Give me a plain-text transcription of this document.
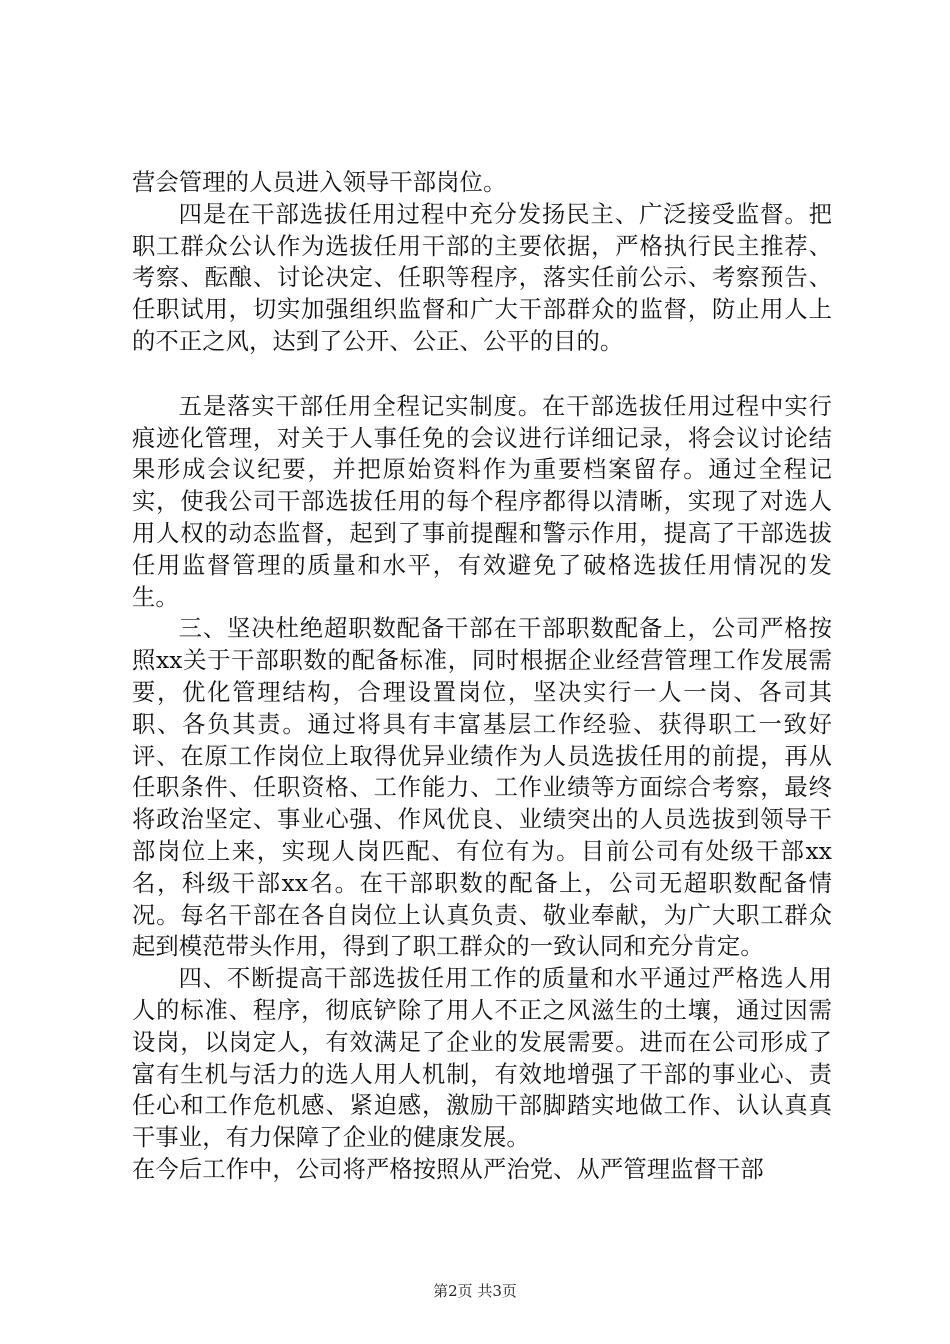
营会管理的人员进入领导干部岗位。

四是在干部选拔任用过程中充分发扬民主、广泛接受监督。把职工群众公认作为选拔任用干部的主要依据，严格执行民主推荐、考察、酝酿、讨论决定、任职等程序，落实任前公示、考察预告、任职试用，切实加强组织监督和广大干部群众的监督，防止用人上的不正之风，达到了公开、公正、公平的目的。

五是落实干部任用全程记实制度。在干部选拔任用过程中实行痕迹化管理，对关于人事任免的会议进行详细记录，将会议讨论结果形成会议纪要，并把原始资料作为重要档案留存。通过全程记实，使我公司干部选拔任用的每个程序都得以清晰，实现了对选人用人权的动态监督，起到了事前提醒和警示作用，提高了干部选拔任用监督管理的质量和水平，有效避免了破格选拔任用情况的发生。

三、坚决杜绝超职数配备干部在干部职数配备上，公司严格按照xx关于干部职数的配备标准，同时根据企业经营管理工作发展需要，优化管理结构，合理设置岗位，坚决实行一人一岗、各司其职、各负其责。通过将具有丰富基层工作经验、获得职工一致好评、在原工作岗位上取得优异业绩作为人员选拔任用的前提，再从任职条件、任职资格、工作能力、工作业绩等方面综合考察，最终将政治坚定、事业心强、作风优良、业绩突出的人员选拔到领导干部岗位上来，实现人岗匹配、有位有为。目前公司有处级干部xx名，科级干部xx名。在干部职数的配备上，公司无超职数配备情况。每名干部在各自岗位上认真负责、敬业奉献，为广大职工群众起到模范带头作用，得到了职工群众的一致认同和充分肯定。

四、不断提高干部选拔任用工作的质量和水平通过严格选人用人的标准、程序，彻底铲除了用人不正之风滋生的土壤，通过因需设岗，以岗定人，有效满足了企业的发展需要。进而在公司形成了富有生机与活力的选人用人机制，有效地增强了干部的事业心、责任心和工作危机感、紧迫感，激励干部脚踏实地做工作、认认真真干事业，有力保障了企业的健康发展。

在今后工作中，公司将严格按照从严治党、从严管理监督干部

第2页 共3页
